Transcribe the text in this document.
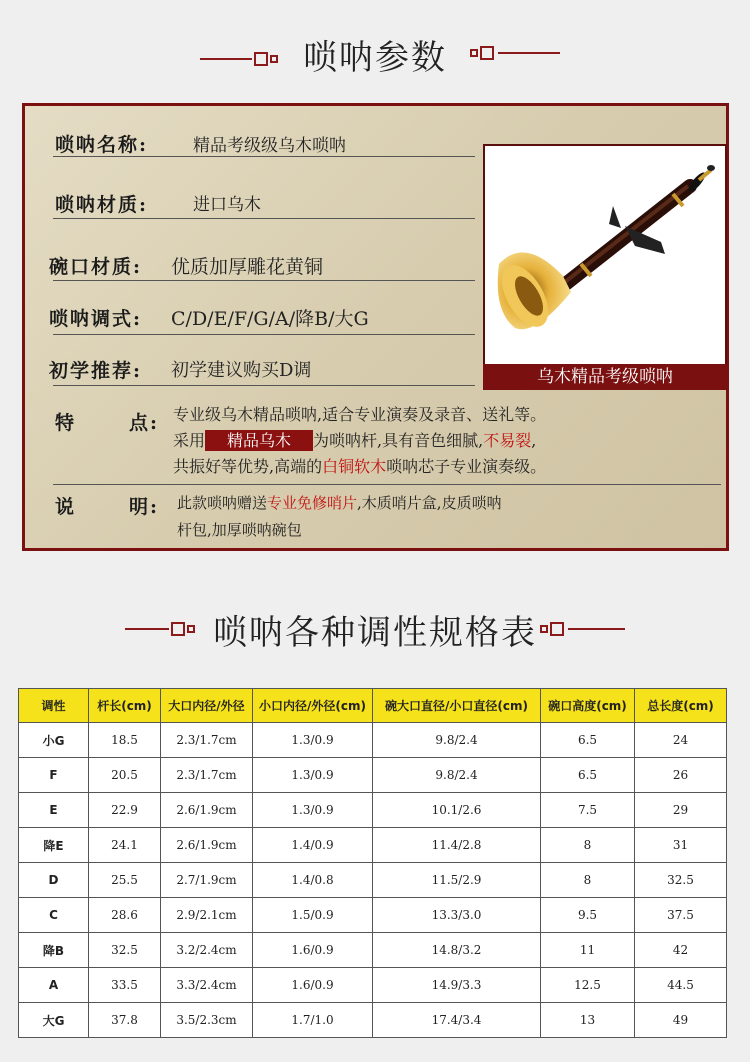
唢呐参数
唢呐名称:	精品考级级乌木唢呐
唢呐材质:	进口乌木
碗口材质: 优质加厚雕花黄铜
唢呐调式: C/D/E/F/G/A/降B/大G
初学推荐: 初学建议购买D调
特	点: 专业级乌木精品唢呐,适合专业演奏及录音、送礼等。
采用 精品乌木 为唢呐杆,具有音色细腻,不易裂,
共振好等优势,高端的白铜软木唢呐芯子专业演奏级。
说	明: 此款唢呐赠送专业免修哨片,木质哨片盒,皮质唢呐
杆包,加厚唢呐碗包
乌木精品考级唢呐
唢呐各种调性规格表
调性	杆长(cm)	大口内径/外径	小口内径/外径(cm)	碗大口直径/小口直径(cm)	碗口高度(cm)	总长度(cm)
小G	18.5	2.3/1.7cm	1.3/0.9	9.8/2.4	6.5	24
F	20.5	2.3/1.7cm	1.3/0.9	9.8/2.4	6.5	26
E	22.9	2.6/1.9cm	1.3/0.9	10.1/2.6	7.5	29
降E	24.1	2.6/1.9cm	1.4/0.9	11.4/2.8	8	31
D	25.5	2.7/1.9cm	1.4/0.8	11.5/2.9	8	32.5
C	28.6	2.9/2.1cm	1.5/0.9	13.3/3.0	9.5	37.5
降B	32.5	3.2/2.4cm	1.6/0.9	14.8/3.2	11	42
A	33.5	3.3/2.4cm	1.6/0.9	14.9/3.3	12.5	44.5
大G	37.8	3.5/2.3cm	1.7/1.0	17.4/3.4	13	49
